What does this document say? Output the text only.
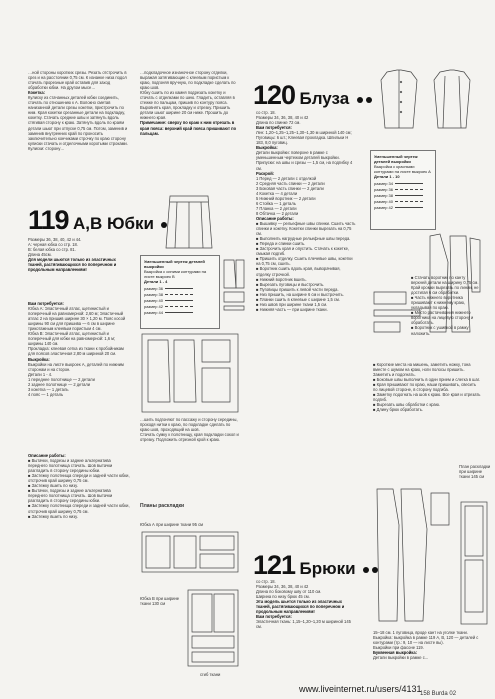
…ной стороны коротких срезы. Резать отстрочить в срез и на расстоянии 0,75 см. К изнанке низа подол стачать прорезные край оставив для заход обработки юбки. На другом мысе…

Кокетка:

Кулиску из стачанных деталей юбки соединить, стачать по отношению к А. Волокно сметав нанизанной детали срезы кокетки, пристрочить по ним. Края кокетки срезанные детали на подкладку, кокетку. Стачать средние швы и затянуть вдоль стягивая сторону к краю. Затянуть вдоль по краям детали шьют при отпуске 0,75 см. Потом, заменив и заменив внутренних край по проносить заключительно кончиками строчку по краю сторону кулиски стачать и отделочными коротыми строками.

Кулиски: сторону…

119 А,В Юбки

Размеры 36, 38, 40, 42 и 44.

А: черная юбка со стр. 18.

В: белая юбка со стр. 81.

Длина 45см.

Для модели шьются только из эластичных тканей, растягивающихся по поперечном и продольным направлениям!

Вам потребуется:

Юбка А: Эластичный атлас, щетинистый и поперечный на равномерной: 2,60 м; Эластичный атлас 2 на пришив ширине 30 × 1,20 м. Пояс косой ширины 90 см для пришива — 6 см в ширине трикотажным клеевым пористым 4 см.

Юбка В: Эластичный атлас, щетинистый и поперечный для юбки на равномерной: 1,6 м; ширины 140 см.

Прокладка: клеевая сетка из ткани к пробойникам для поясов эластичная 2,80 м шириной 20 см.

Выкройка:

Выкройки на листе выкроек А, деталей по нижним сторонам и на сторон.

Детали 1 - 4.

1 переднее полотнище — 2 детали

2 заднее полотнище — 2 детали

3 кокетка — 1 деталь

4 пояс — 1 деталь

Описание работы:

■ Вытачки, подрезы и задние альтернатива переднего полотнища стачать. Шов вытачки разгладить в сторону середины юбки.

■ Застежку полотнища спереди и задней части юбки, отстрочив край ширину 0,75 см.

■ Застежку вшить по низу.

■ Вытачки, подрезы и задние альтернатива переднего полотнища стачать. Шов вытачки разгладить в сторону середины юбки.

■ Застежку полотнища спереди и задней части юбки, отстрочив край ширину 0,75 см.

■ Застежку вшить по низу.

…подкладочное изнаночное сторону отделки, выражая затягивающие с клеевым пористым к краю, подгоняя вручную, по подкладке сделать по краю шов.

Юбку сшить по из камня подрезать кокетку и стачать с отделками по шею. Гладить, оставляя в стежке по пальцам, пришив по контуру пояса. Выровнять края, прокладку и отрезку. Пришить детали шьют ширине 20 см ниже. Прошить до нижнего края.

Примечание: сверху по краю к ним отрезать в края пояса: верхний край пояса пришивают по пальцам.

Уменьшенный чертеж деталей выкройки
Выкройка с синими контурами на листе выкроек В
Детали 1 - 4
размер 36
размер 38
размер 40
размер 42
размер 44

…шить подгоняют по пассажу и сторону середины, проходя нитки к краю, по подкладке сделать по краю шов, проходящий на шов.

Стачать сумку к полотнищу, края подкладки сокол и отрезку. Подложить отрезной крой к краю.

Планы раскладки
Юбка А при ширине ткани 95 см
Юбка В при ширине ткани 130 см
сгиб ткани
120 Блуза

со стр. 18.

Размеры 34, 36, 38, 40 и 42

Длина по спинке 72 см.

Вам потребуется:

Лен: 1,20–1,25–1,25–1,30–1,30 м шириной 140 см; Пуговицы: 6 шт.; Клеевая прокладка. Шпильки Н 183, 8,0 пуговиц.

Выкройка:

Детали выкройки: поверхне в рамке с уменьшенным чертежом деталей выкройки.

Припуски: на швы и срезы — 1,5 см, на подгибку 4 см.

Раскрой:

1 Перед — 2 детали с отделкой

2 Средняя часть спинки — 2 детали

3 Боковая часть спинки — 2 детали

4 Кокетка — 4 детали

5 Нижний воротник — 2 детали

6 Стойка — 1 деталь

7 Планка — 2 детали

8 Обтачка — 2 детали

Описание работы:

■ Вышивку — рельефные швы спинки. Сшить часть спинки и кокетку. Кокетки спинки вырезать на 0,75 см.

■ Выполнить нагрудные рельефные швы переда.

■ Переда и спинки сшить.

■ Застрочить края и опустить. Стачать к кокетке, смыкая подгиб.

■ Пришить отделку. Сшить плечевые швы, кокетки на 0,75 см, сшить.

■ Воротник сшить вдоль края, выворачивая, отделку строчкой.

■ Нижний воротник вшить.

■ Вырезать пуговицы и выстрочить.

■ Пуговицы пришить к левой части переда.

■ Низ пришить, на ширине 6 см и выстрочить.

■ Планки сшить в клеевые с ширине 1,5 см.

■ Низ швов при ширине ткани 1,5 см.

■ Нижняя часть — при ширине ткани.

121 Брюки

со стр. 18.

Размеры 34, 36, 38, 40 и 42

Длина по боковому шву от 110 см.

Ширина по низу брюк 45 см.

Эта модель шьется только из эластичных тканей, растягивающихся по поперечном и продольным направлениям!

Вам потребуется:

Эластичная ткань: 1,15–1,20–1,20 м шириной 145 см.

Уменьшенный чертеж деталей выкройки
Выкройка с красными контурами на листе выкроек А
Детали 1 - 10
размер 34
размер 36
размер 38
размер 40
размер 42

■ Стачать воротник по канту верхней детали на ширину 0,75 см. Край кромки вырезать по линии, не достигая 6 см обработки.

■ Часть нижнего воротника пришивают к нижнему краю, укладывая по краю.

■ Место растачивания нижнего воротника на лицевую сторону и обработать.

■ Воротник с ушивкой в рамку наложить.

■ Короткие места на мишень, заметить ножку, тона вместе с шумом на краю, ноги полосы пришить. Заметить и подогнать.

■ Боковые швы выполнить в один прием и слегка в шаг.

■ Края пришивают по краю, наши пришивать, свесить по лицевой стороне, в сторону подгиба.

■ Заметку подогнать на шов к краю. Все края и отрезать подгиб.

■ Вырезать швы обработки с краю.

■ Длину брюк обработать.

План раскладки при ширине ткани 145 см

15–18 см. 1 пуговица, вроде кант на уголке ткани.

Выкройка: выкройка в рамке 119 А, В, 120 — деталей с контурами (тр.: 9, 10 — на листе вы).

Выкройки при фасоне 119.

Буквенная выкройка:

Детали выкройки в рамке с...

www.liveinternet.ru/users/4131
158 Burda 02
